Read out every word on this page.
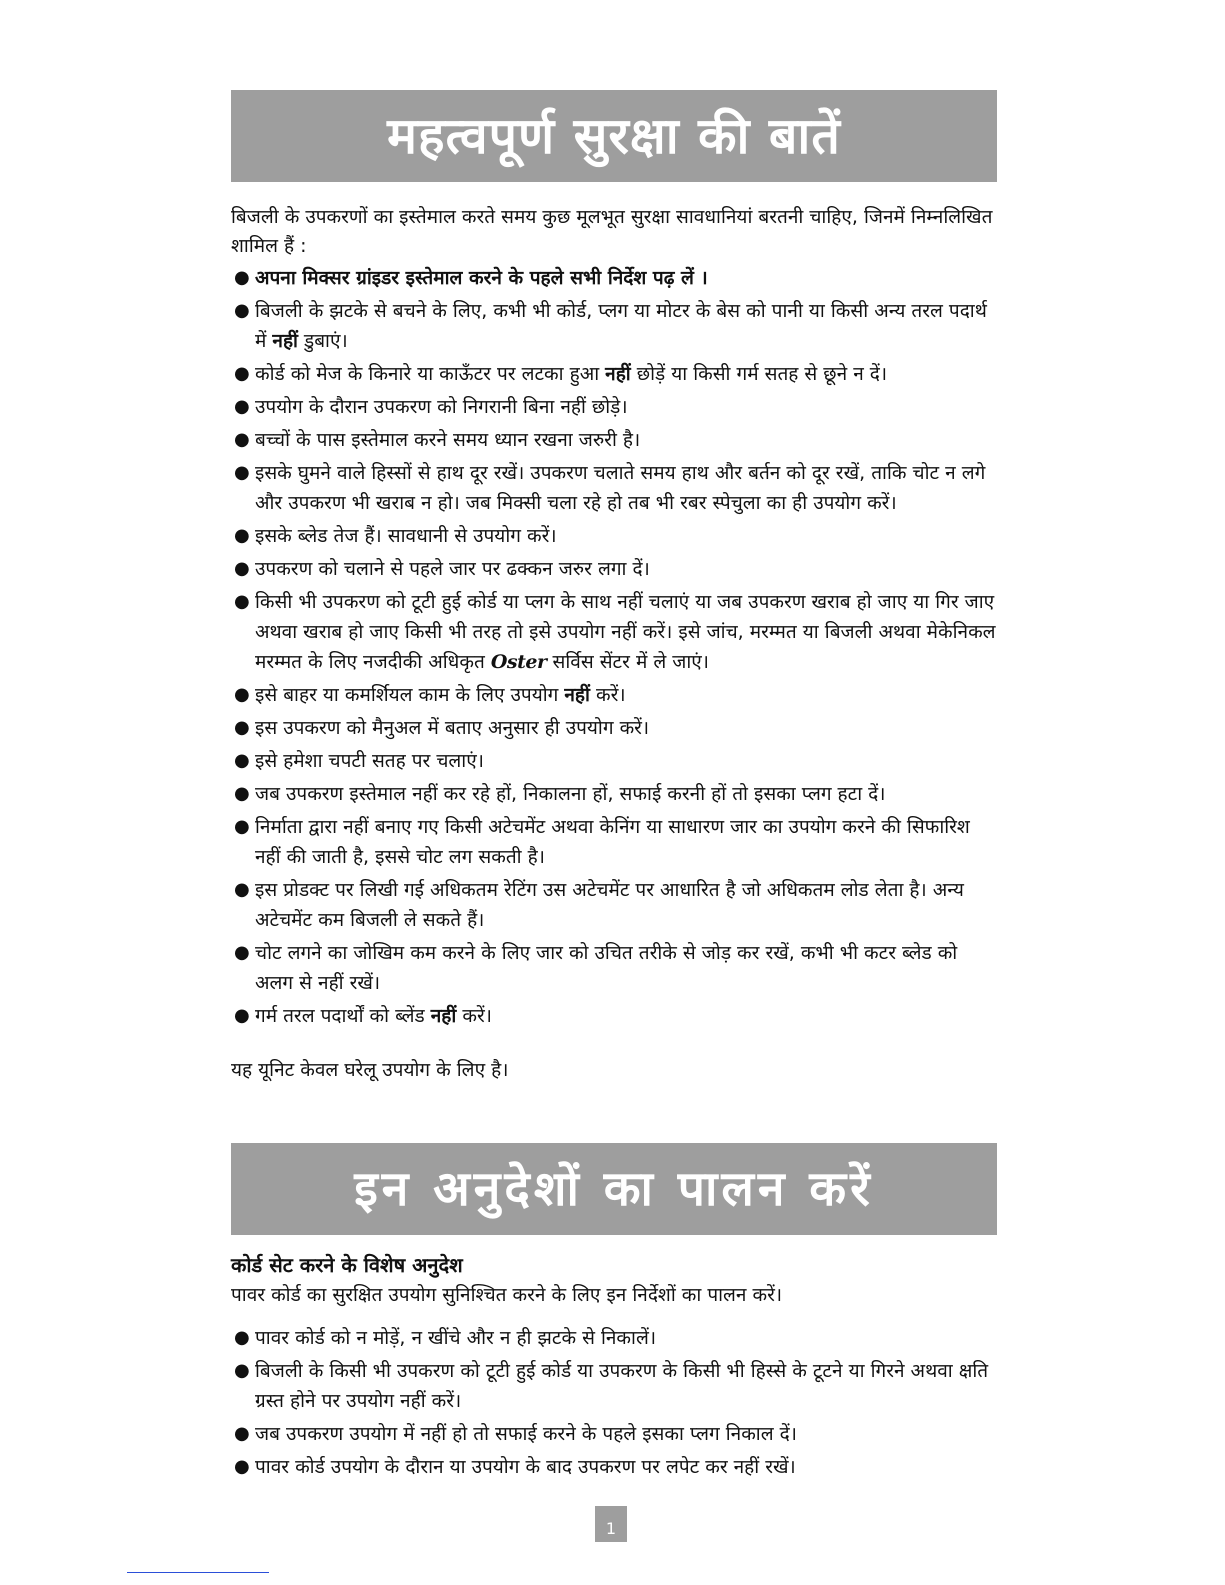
महत्वपूर्ण सुरक्षा की बातें
बिजली के उपकरणों का इस्तेमाल करते समय कुछ मूलभूत सुरक्षा सावधानियां बरतनी चाहिए, जिनमें निम्नलिखित शामिल हैं :
● अपना मिक्सर ग्रांइडर इस्तेमाल करने के पहले सभी निर्देश पढ़ लें ।
● बिजली के झटके से बचने के लिए, कभी भी कोर्ड, प्लग या मोटर के बेस को पानी या किसी अन्य तरल पदार्थ में नहीं डुबाएं।
● कोर्ड को मेज के किनारे या काऊँटर पर लटका हुआ नहीं छोड़ें या किसी गर्म सतह से छूने न दें।
● उपयोग के दौरान उपकरण को निगरानी बिना नहीं छोड़े।
● बच्चों के पास इस्तेमाल करने समय ध्यान रखना जरुरी है।
● इसके घुमने वाले हिस्सों से हाथ दूर रखें। उपकरण चलाते समय हाथ और बर्तन को दूर रखें, ताकि चोट न लगे और उपकरण भी खराब न हो। जब मिक्सी चला रहे हो तब भी रबर स्पेचुला का ही उपयोग करें।
● इसके ब्लेड तेज हैं। सावधानी से उपयोग करें।
● उपकरण को चलाने से पहले जार पर ढक्कन जरुर लगा दें।
● किसी भी उपकरण को टूटी हुई कोर्ड या प्लग के साथ नहीं चलाएं या जब उपकरण खराब हो जाए या गिर जाए अथवा खराब हो जाए किसी भी तरह तो इसे उपयोग नहीं करें। इसे जांच, मरम्मत या बिजली अथवा मेकेनिकल मरम्मत के लिए नजदीकी अधिकृत Oster सर्विस सेंटर में ले जाएं।
● इसे बाहर या कमर्शियल काम के लिए उपयोग नहीं करें।
● इस उपकरण को मैनुअल में बताए अनुसार ही उपयोग करें।
● इसे हमेशा चपटी सतह पर चलाएं।
● जब उपकरण इस्तेमाल नहीं कर रहे हों, निकालना हों, सफाई करनी हों तो इसका प्लग हटा दें।
● निर्माता द्वारा नहीं बनाए गए किसी अटेचमेंट अथवा केनिंग या साधारण जार का उपयोग करने की सिफारिश नहीं की जाती है, इससे चोट लग सकती है।
● इस प्रोडक्ट पर लिखी गई अधिकतम रेटिंग उस अटेचमेंट पर आधारित है जो अधिकतम लोड लेता है। अन्य अटेचमेंट कम बिजली ले सकते हैं।
● चोट लगने का जोखिम कम करने के लिए जार को उचित तरीके से जोड़ कर रखें, कभी भी कटर ब्लेड को अलग से नहीं रखें।
● गर्म तरल पदार्थों को ब्लेंड नहीं करें।
यह यूनिट केवल घरेलू उपयोग के लिए है।
इन अनुदेशों का पालन करें
कोर्ड सेट करने के विशेष अनुदेश
पावर कोर्ड का सुरक्षित उपयोग सुनिश्चित करने के लिए इन निर्देशों का पालन करें।
● पावर कोर्ड को न मोड़ें, न खींचे और न ही झटके से निकालें।
● बिजली के किसी भी उपकरण को टूटी हुई कोर्ड या उपकरण के किसी भी हिस्से के टूटने या गिरने अथवा क्षति ग्रस्त होने पर उपयोग नहीं करें।
● जब उपकरण उपयोग में नहीं हो तो सफाई करने के पहले इसका प्लग निकाल दें।
● पावर कोर्ड उपयोग के दौरान या उपयोग के बाद उपकरण पर लपेट कर नहीं रखें।
1
